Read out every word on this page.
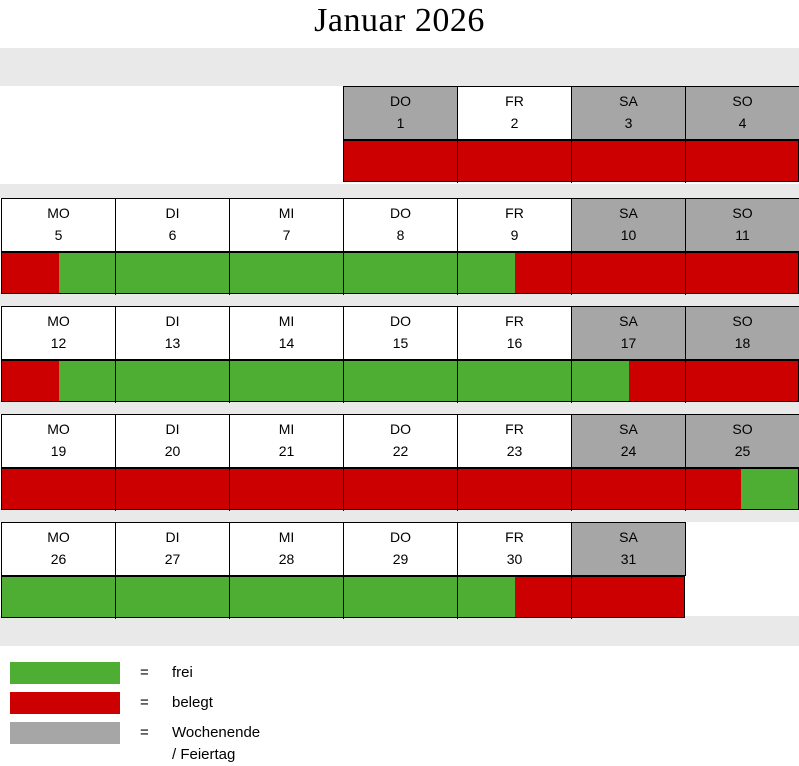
Januar 2026
DO
1
FR
2
SA
3
SO
4
MO
5
DI
6
MI
7
DO
8
FR
9
SA
10
SO
11
MO
12
DI
13
MI
14
DO
15
FR
16
SA
17
SO
18
MO
19
DI
20
MI
21
DO
22
FR
23
SA
24
SO
25
MO
26
DI
27
MI
28
DO
29
FR
30
SA
31
= frei
= belegt
= Wochenende / Feiertag
